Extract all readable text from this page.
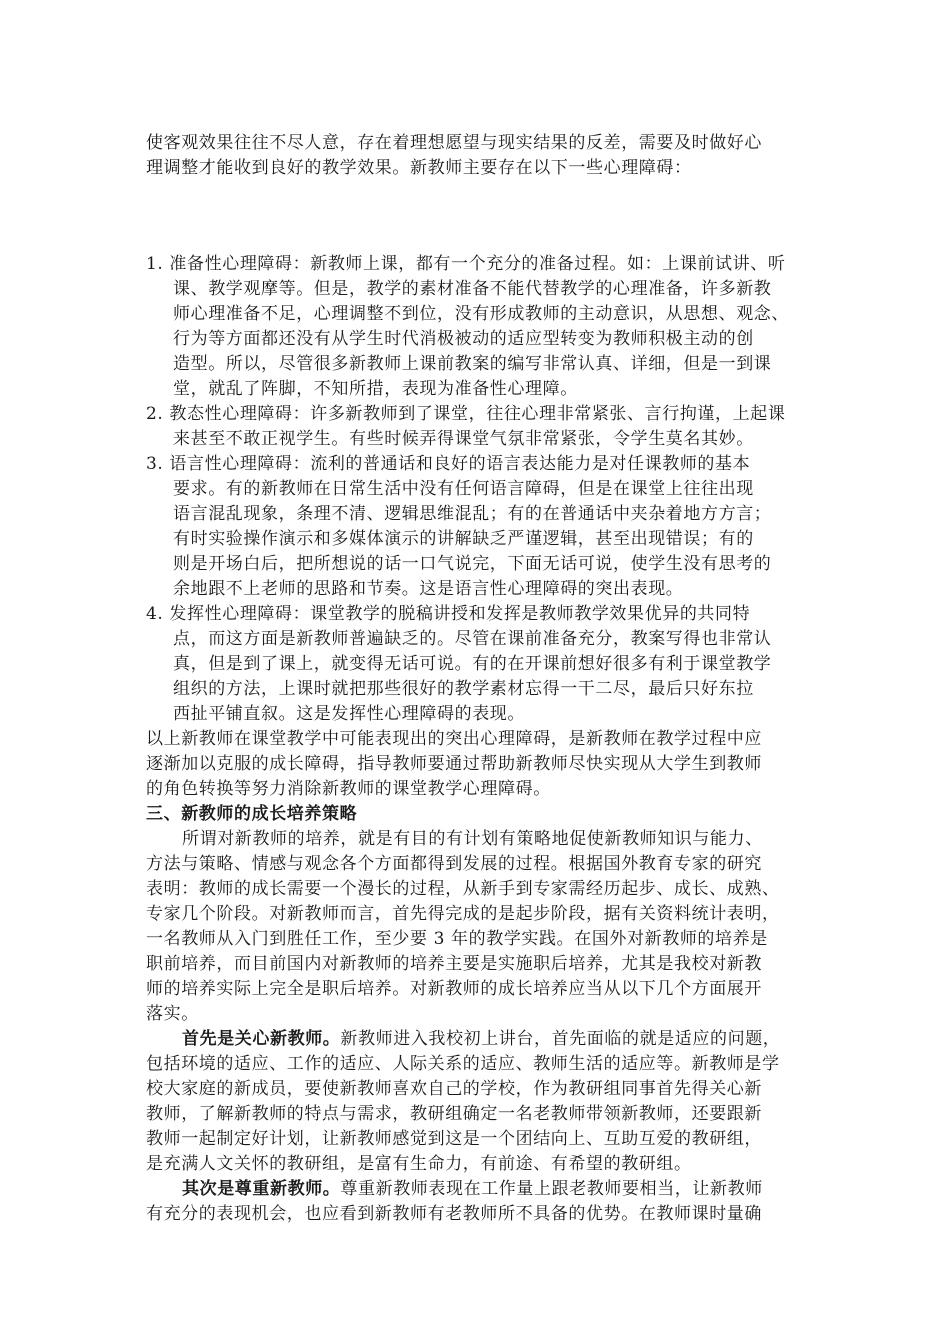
使客观效果往往不尽人意，存在着理想愿望与现实结果的反差，需要及时做好心
理调整才能收到良好的教学效果。新教师主要存在以下一些心理障碍：
1. 准备性心理障碍：新教师上课，都有一个充分的准备过程。如：上课前试讲、听
课、教学观摩等。但是，教学的素材准备不能代替教学的心理准备，许多新教
师心理准备不足，心理调整不到位，没有形成教师的主动意识，从思想、观念、
行为等方面都还没有从学生时代消极被动的适应型转变为教师积极主动的创
造型。所以，尽管很多新教师上课前教案的编写非常认真、详细，但是一到课
堂，就乱了阵脚，不知所措，表现为准备性心理障。
2. 教态性心理障碍：许多新教师到了课堂，往往心理非常紧张、言行拘谨，上起课
来甚至不敢正视学生。有些时候弄得课堂气氛非常紧张，令学生莫名其妙。
3. 语言性心理障碍：流利的普通话和良好的语言表达能力是对任课教师的基本
要求。有的新教师在日常生活中没有任何语言障碍，但是在课堂上往往出现
语言混乱现象，条理不清、逻辑思维混乱；有的在普通话中夹杂着地方方言；
有时实验操作演示和多媒体演示的讲解缺乏严谨逻辑，甚至出现错误；有的
则是开场白后，把所想说的话一口气说完，下面无话可说，使学生没有思考的
余地跟不上老师的思路和节奏。这是语言性心理障碍的突出表现。
4. 发挥性心理障碍：课堂教学的脱稿讲授和发挥是教师教学效果优异的共同特
点，而这方面是新教师普遍缺乏的。尽管在课前准备充分，教案写得也非常认
真，但是到了课上，就变得无话可说。有的在开课前想好很多有利于课堂教学
组织的方法，上课时就把那些很好的教学素材忘得一干二尽，最后只好东拉
西扯平铺直叙。这是发挥性心理障碍的表现。
以上新教师在课堂教学中可能表现出的突出心理障碍，是新教师在教学过程中应
逐渐加以克服的成长障碍，指导教师要通过帮助新教师尽快实现从大学生到教师
的角色转换等努力消除新教师的课堂教学心理障碍。
三、新教师的成长培养策略
所谓对新教师的培养，就是有目的有计划有策略地促使新教师知识与能力、
方法与策略、情感与观念各个方面都得到发展的过程。根据国外教育专家的研究
表明：教师的成长需要一个漫长的过程，从新手到专家需经历起步、成长、成熟、
专家几个阶段。对新教师而言，首先得完成的是起步阶段，据有关资料统计表明，
一名教师从入门到胜任工作，至少要 3 年的教学实践。在国外对新教师的培养是
职前培养，而目前国内对新教师的培养主要是实施职后培养，尤其是我校对新教
师的培养实际上完全是职后培养。对新教师的成长培养应当从以下几个方面展开
落实。
首先是关心新教师。新教师进入我校初上讲台，首先面临的就是适应的问题，
包括环境的适应、工作的适应、人际关系的适应、教师生活的适应等。新教师是学
校大家庭的新成员，要使新教师喜欢自己的学校，作为教研组同事首先得关心新
教师，了解新教师的特点与需求，教研组确定一名老教师带领新教师，还要跟新
教师一起制定好计划，让新教师感觉到这是一个团结向上、互助互爱的教研组，
是充满人文关怀的教研组，是富有生命力，有前途、有希望的教研组。
其次是尊重新教师。尊重新教师表现在工作量上跟老教师要相当，让新教师
有充分的表现机会，也应看到新教师有老教师所不具备的优势。在教师课时量确
